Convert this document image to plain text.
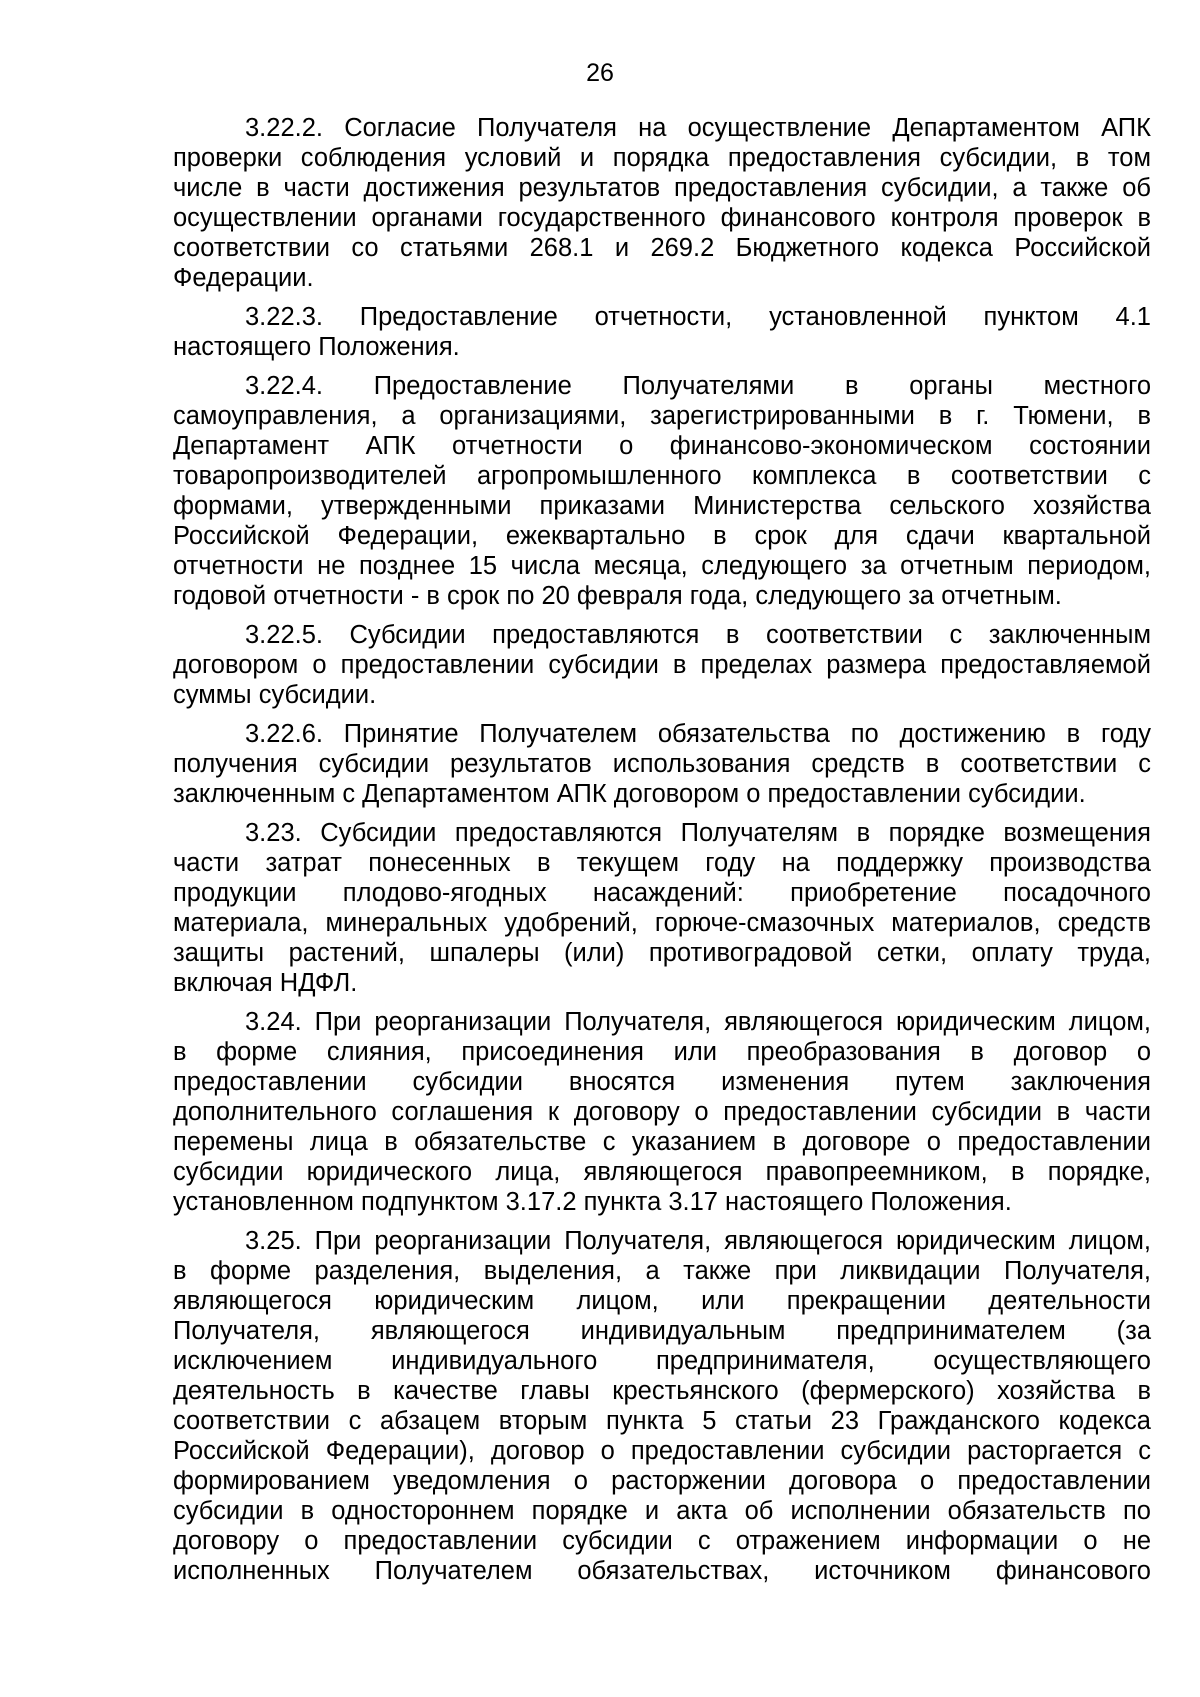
26
3.22.2. Согласие Получателя на осуществление Департаментом АПК
проверки соблюдения условий и порядка предоставления субсидии, в том
числе в части достижения результатов предоставления субсидии, а также об
осуществлении органами государственного финансового контроля проверок в
соответствии со статьями 268.1 и 269.2 Бюджетного кодекса Российской
Федерации.
3.22.3. Предоставление отчетности, установленной пунктом 4.1
настоящего Положения.
3.22.4. Предоставление Получателями в органы местного
самоуправления, а организациями, зарегистрированными в г. Тюмени, в
Департамент АПК отчетности о финансово-экономическом состоянии
товаропроизводителей агропромышленного комплекса в соответствии с
формами, утвержденными приказами Министерства сельского хозяйства
Российской Федерации, ежеквартально в срок для сдачи квартальной
отчетности не позднее 15 числа месяца, следующего за отчетным периодом,
годовой отчетности - в срок по 20 февраля года, следующего за отчетным.
3.22.5. Субсидии предоставляются в соответствии с заключенным
договором о предоставлении субсидии в пределах размера предоставляемой
суммы субсидии.
3.22.6. Принятие Получателем обязательства по достижению в году
получения субсидии результатов использования средств в соответствии с
заключенным с Департаментом АПК договором о предоставлении субсидии.
3.23. Субсидии предоставляются Получателям в порядке возмещения
части затрат понесенных в текущем году на поддержку производства
продукции плодово-ягодных насаждений: приобретение посадочного
материала, минеральных удобрений, горюче-смазочных материалов, средств
защиты растений, шпалеры (или) противоградовой сетки, оплату труда,
включая НДФЛ.
3.24. При реорганизации Получателя, являющегося юридическим лицом,
в форме слияния, присоединения или преобразования в договор о
предоставлении субсидии вносятся изменения путем заключения
дополнительного соглашения к договору о предоставлении субсидии в части
перемены лица в обязательстве с указанием в договоре о предоставлении
субсидии юридического лица, являющегося правопреемником, в порядке,
установленном подпунктом 3.17.2 пункта 3.17 настоящего Положения.
3.25. При реорганизации Получателя, являющегося юридическим лицом,
в форме разделения, выделения, а также при ликвидации Получателя,
являющегося юридическим лицом, или прекращении деятельности
Получателя, являющегося индивидуальным предпринимателем (за
исключением индивидуального предпринимателя, осуществляющего
деятельность в качестве главы крестьянского (фермерского) хозяйства в
соответствии с абзацем вторым пункта 5 статьи 23 Гражданского кодекса
Российской Федерации), договор о предоставлении субсидии расторгается с
формированием уведомления о расторжении договора о предоставлении
субсидии в одностороннем порядке и акта об исполнении обязательств по
договору о предоставлении субсидии с отражением информации о не
исполненных Получателем обязательствах, источником финансового
